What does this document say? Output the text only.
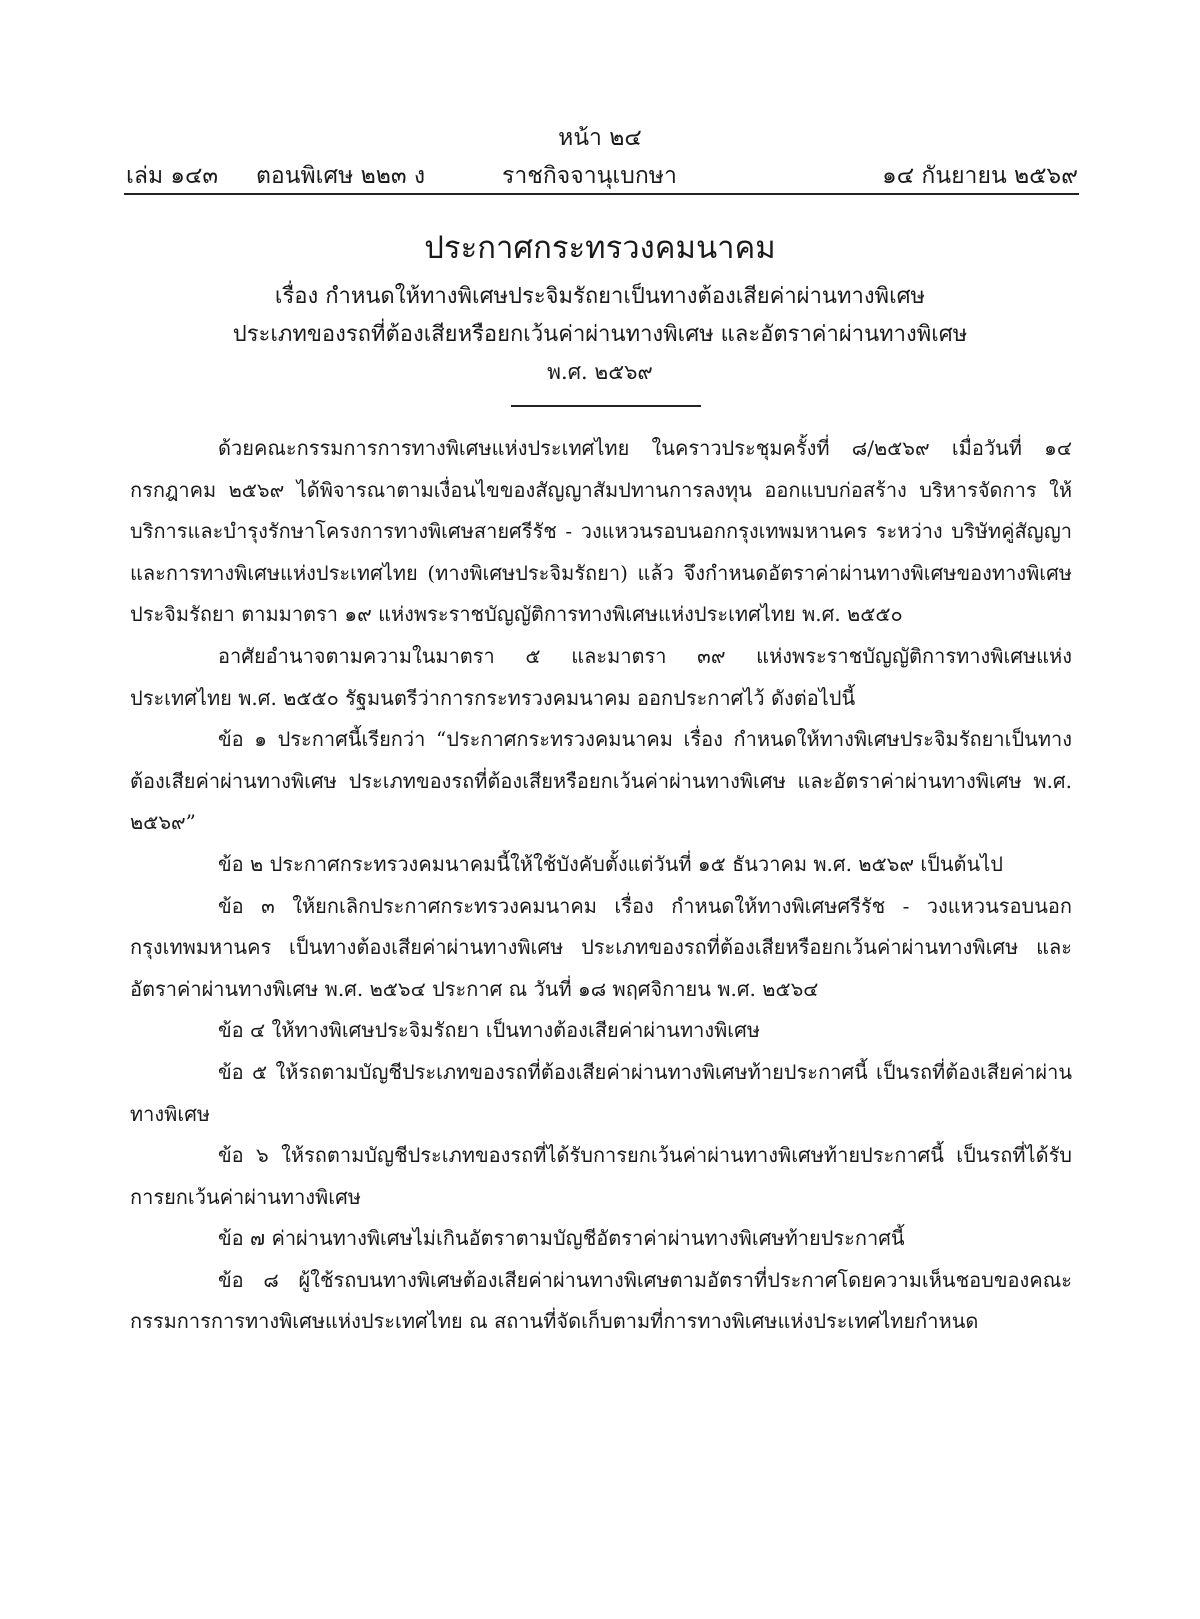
หน้า ๒๔
เล่ม ๑๔๓ ตอนพิเศษ ๒๒๓ ง	ราชกิจจานุเบกษา	๑๔ กันยายน ๒๕๖๙
ประกาศกระทรวงคมนาคม
เรื่อง กำหนดให้ทางพิเศษประจิมรัถยาเป็นทางต้องเสียค่าผ่านทางพิเศษ
ประเภทของรถที่ต้องเสียหรือยกเว้นค่าผ่านทางพิเศษ และอัตราค่าผ่านทางพิเศษ
พ.ศ. ๒๕๖๙

ด้วยคณะกรรมการการทางพิเศษแห่งประเทศไทย ในคราวประชุมครั้งที่ ๘/๒๕๖๙ เมื่อวันที่ ๑๔ กรกฎาคม ๒๕๖๙ ได้พิจารณาตามเงื่อนไขของสัญญาสัมปทานการลงทุน ออกแบบก่อสร้าง บริหารจัดการ ให้บริการและบำรุงรักษาโครงการทางพิเศษสายศรีรัช - วงแหวนรอบนอกกรุงเทพมหานคร ระหว่าง บริษัทคู่สัญญาและการทางพิเศษแห่งประเทศไทย (ทางพิเศษประจิมรัถยา) แล้ว จึงกำหนดอัตราค่าผ่านทางพิเศษของทางพิเศษประจิมรัถยา ตามมาตรา ๑๙ แห่งพระราชบัญญัติการทางพิเศษแห่งประเทศไทย พ.ศ. ๒๕๕๐

อาศัยอำนาจตามความในมาตรา ๕ และมาตรา ๓๙ แห่งพระราชบัญญัติการทางพิเศษแห่งประเทศไทย พ.ศ. ๒๕๕๐ รัฐมนตรีว่าการกระทรวงคมนาคม ออกประกาศไว้ ดังต่อไปนี้

ข้อ ๑ ประกาศนี้เรียกว่า “ประกาศกระทรวงคมนาคม เรื่อง กำหนดให้ทางพิเศษประจิมรัถยาเป็นทางต้องเสียค่าผ่านทางพิเศษ ประเภทของรถที่ต้องเสียหรือยกเว้นค่าผ่านทางพิเศษ และอัตราค่าผ่านทางพิเศษ พ.ศ. ๒๕๖๙”

ข้อ ๒ ประกาศกระทรวงคมนาคมนี้ให้ใช้บังคับตั้งแต่วันที่ ๑๕ ธันวาคม พ.ศ. ๒๕๖๙ เป็นต้นไป

ข้อ ๓ ให้ยกเลิกประกาศกระทรวงคมนาคม เรื่อง กำหนดให้ทางพิเศษศรีรัช - วงแหวนรอบนอกกรุงเทพมหานคร เป็นทางต้องเสียค่าผ่านทางพิเศษ ประเภทของรถที่ต้องเสียหรือยกเว้นค่าผ่านทางพิเศษ และอัตราค่าผ่านทางพิเศษ พ.ศ. ๒๕๖๔ ประกาศ ณ วันที่ ๑๘ พฤศจิกายน พ.ศ. ๒๕๖๔

ข้อ ๔ ให้ทางพิเศษประจิมรัถยา เป็นทางต้องเสียค่าผ่านทางพิเศษ

ข้อ ๕ ให้รถตามบัญชีประเภทของรถที่ต้องเสียค่าผ่านทางพิเศษท้ายประกาศนี้ เป็นรถที่ต้องเสียค่าผ่านทางพิเศษ

ข้อ ๖ ให้รถตามบัญชีประเภทของรถที่ได้รับการยกเว้นค่าผ่านทางพิเศษท้ายประกาศนี้ เป็นรถที่ได้รับการยกเว้นค่าผ่านทางพิเศษ

ข้อ ๗ ค่าผ่านทางพิเศษไม่เกินอัตราตามบัญชีอัตราค่าผ่านทางพิเศษท้ายประกาศนี้

ข้อ ๘ ผู้ใช้รถบนทางพิเศษต้องเสียค่าผ่านทางพิเศษตามอัตราที่ประกาศโดยความเห็นชอบของคณะกรรมการการทางพิเศษแห่งประเทศไทย ณ สถานที่จัดเก็บตามที่การทางพิเศษแห่งประเทศไทยกำหนด
